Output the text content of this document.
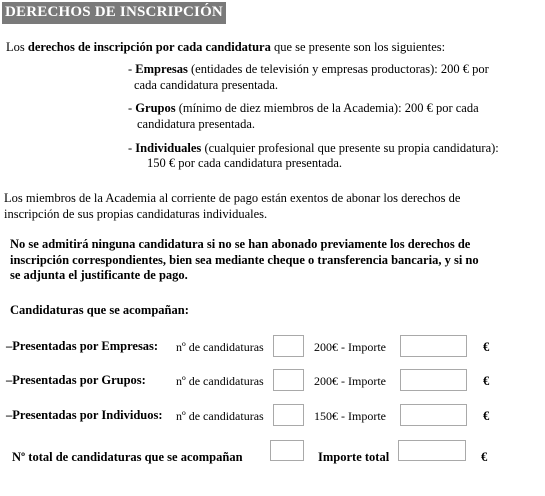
DERECHOS DE INSCRIPCIÓN
Los derechos de inscripción por cada candidatura que se presente son los siguientes:
- Empresas (entidades de televisión y empresas productoras): 200 € por
cada candidatura presentada.
- Grupos (mínimo de diez miembros de la Academia): 200 € por cada
candidatura presentada.
- Individuales (cualquier profesional que presente su propia candidatura):
150 € por cada candidatura presentada.
Los miembros de la Academia al corriente de pago están exentos de abonar los derechos de
inscripción de sus propias candidaturas individuales.
No se admitirá ninguna candidatura si no se han abonado previamente los derechos de
inscripción correspondientes, bien sea mediante cheque o transferencia bancaria, y si no
se adjunta el justificante de pago.
Candidaturas que se acompañan:
–Presentadas por Empresas: nº de candidaturas	200€ - Importe	€
–Presentadas por Grupos:	nº de candidaturas	200€ - Importe	€
–Presentadas por Individuos: nº de candidaturas	150€ - Importe	€
Nº total de candidaturas que se acompañan	Importe total	€
